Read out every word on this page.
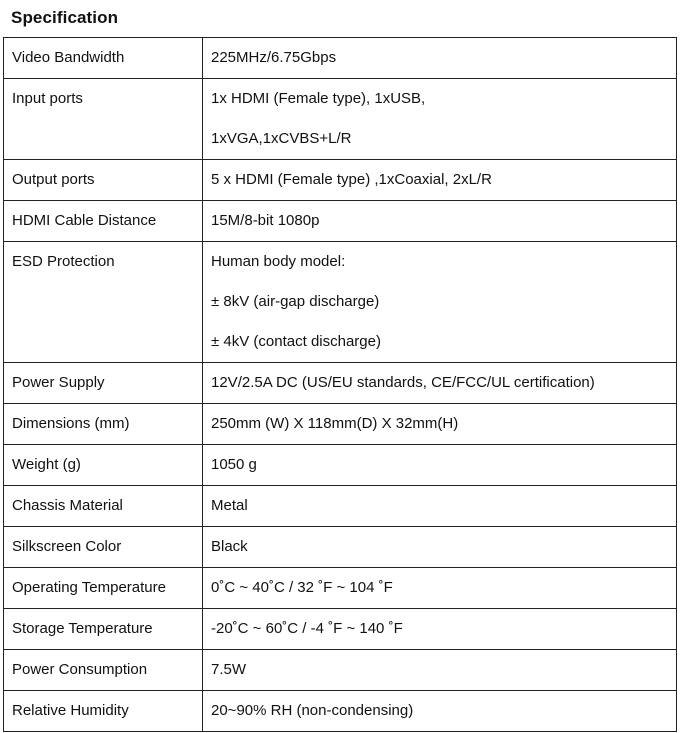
Specification
Video Bandwidth	225MHz/6.75Gbps

Input ports	1x HDMI (Female type), 1xUSB,
1xVGA,1xCVBS+L/R

Output ports	5 x HDMI (Female type) ,1xCoaxial, 2xL/R

HDMI Cable Distance	15M/8-bit 1080p

ESD Protection	Human body model:
± 8kV (air-gap discharge)
± 4kV (contact discharge)

Power Supply	12V/2.5A DC (US/EU standards, CE/FCC/UL certification)

Dimensions (mm)	250mm (W) X 118mm(D) X 32mm(H)

Weight (g)	1050 g

Chassis Material	Metal

Silkscreen Color	Black

Operating Temperature	0˚C ~ 40˚C / 32 ˚F ~ 104 ˚F

Storage Temperature	-20˚C ~ 60˚C / -4 ˚F ~ 140 ˚F

Power Consumption	7.5W

Relative Humidity	20~90% RH (non-condensing)
